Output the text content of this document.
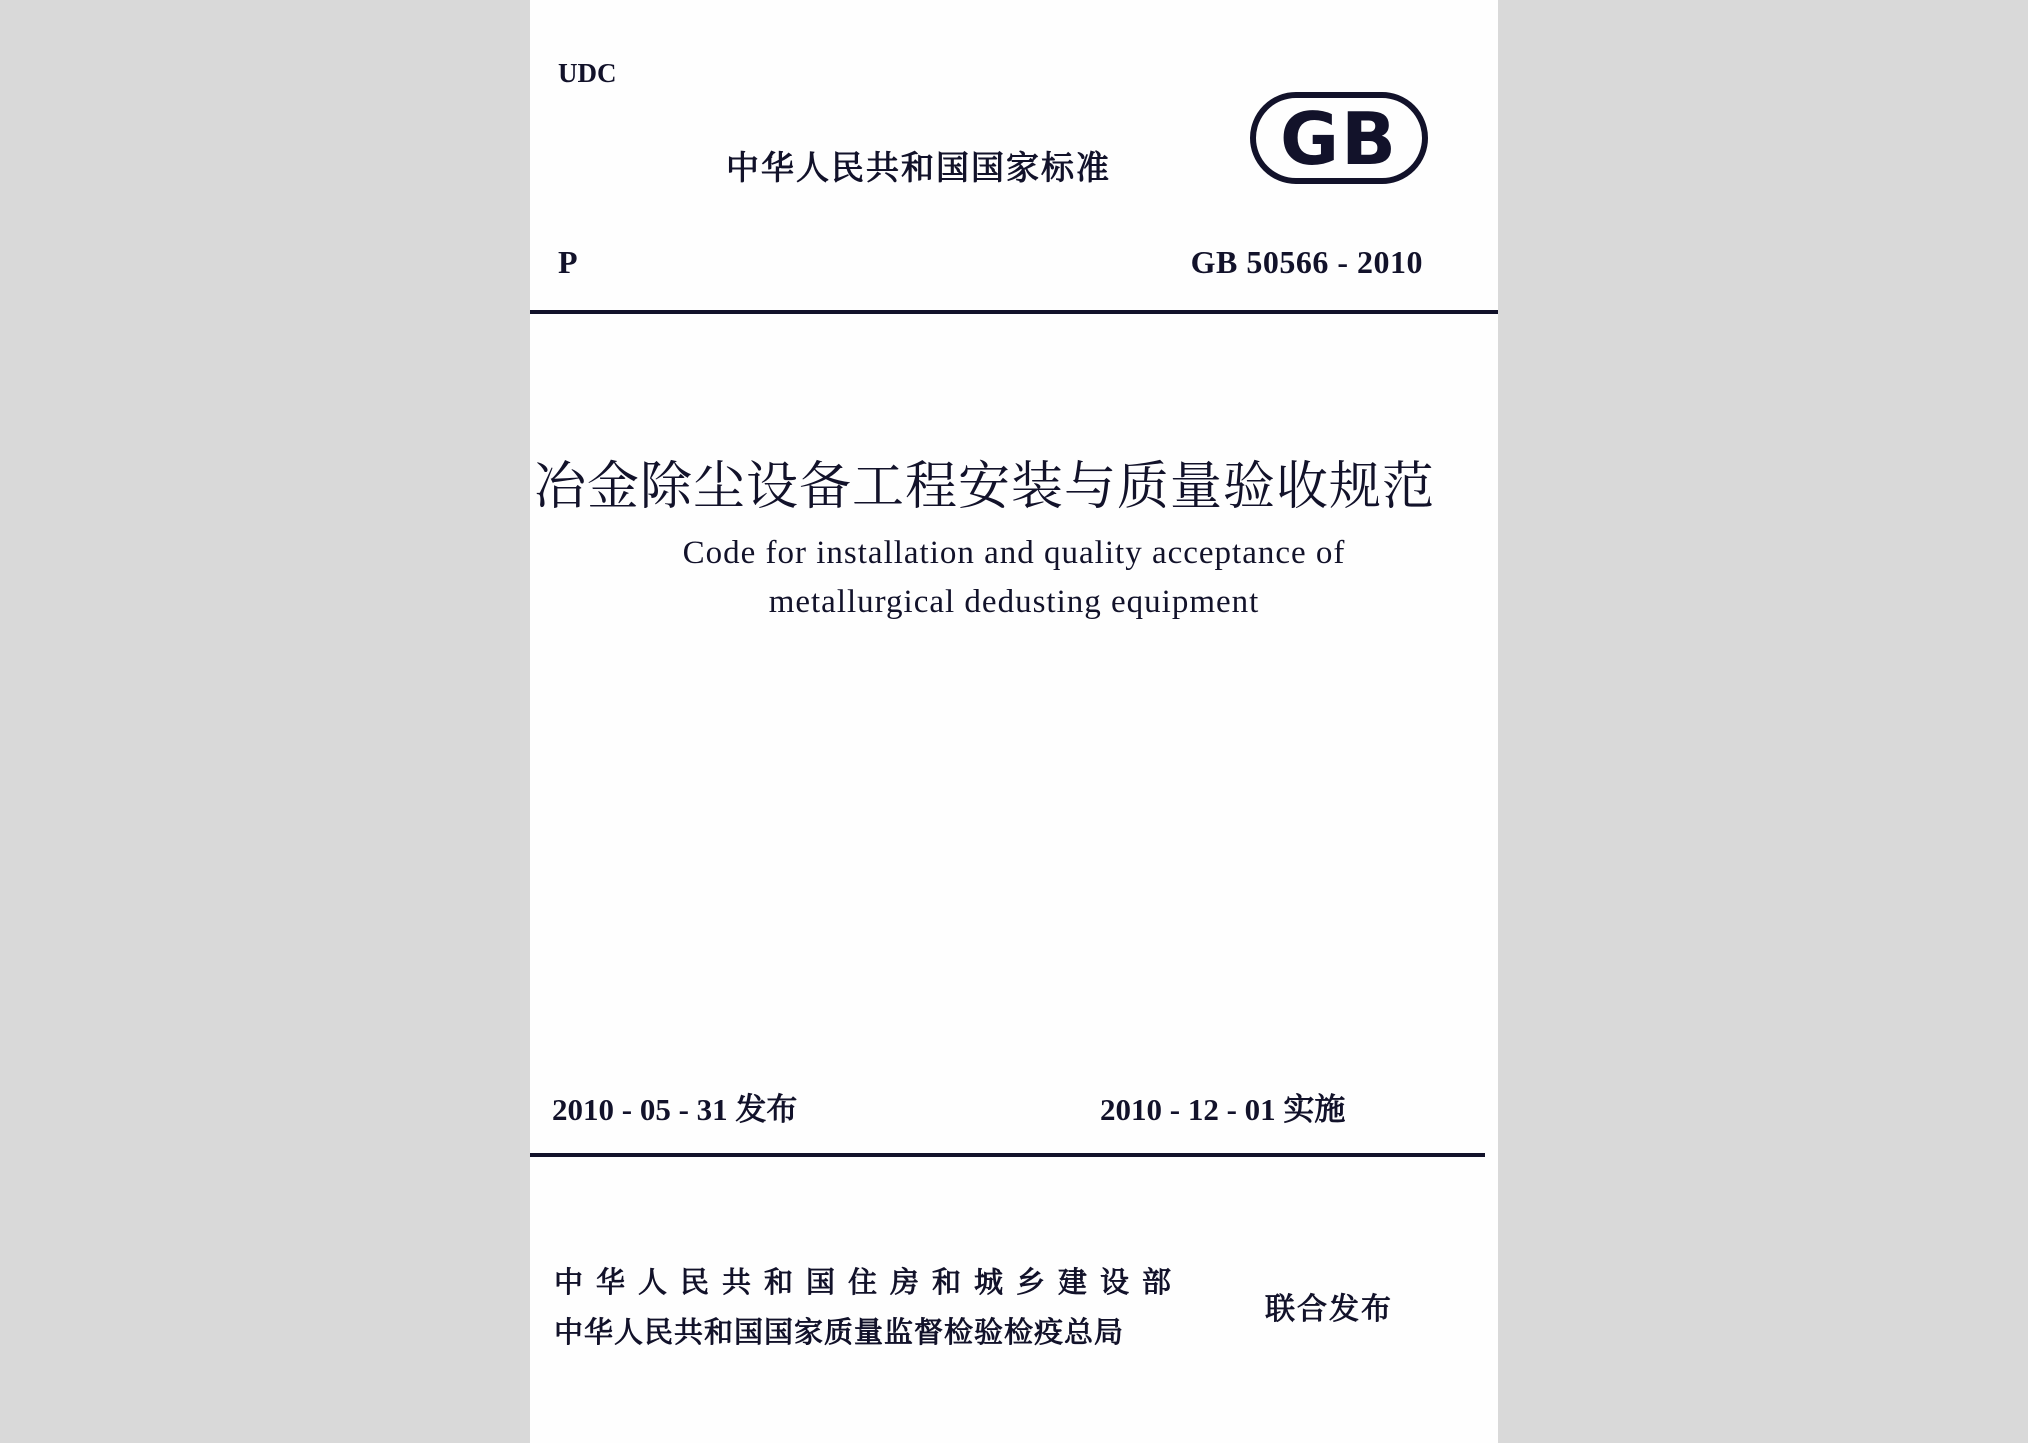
UDC
中华人民共和国国家标准 GB
P	GB 50566 - 2010
冶金除尘设备工程安装与质量验收规范
Code for installation and quality acceptance of
metallurgical dedusting equipment
2010 - 05 - 31 发布	2010 - 12 - 01 实施
中华人民共和国住房和城乡建设部
中华人民共和国国家质量监督检验检疫总局
联合发布
